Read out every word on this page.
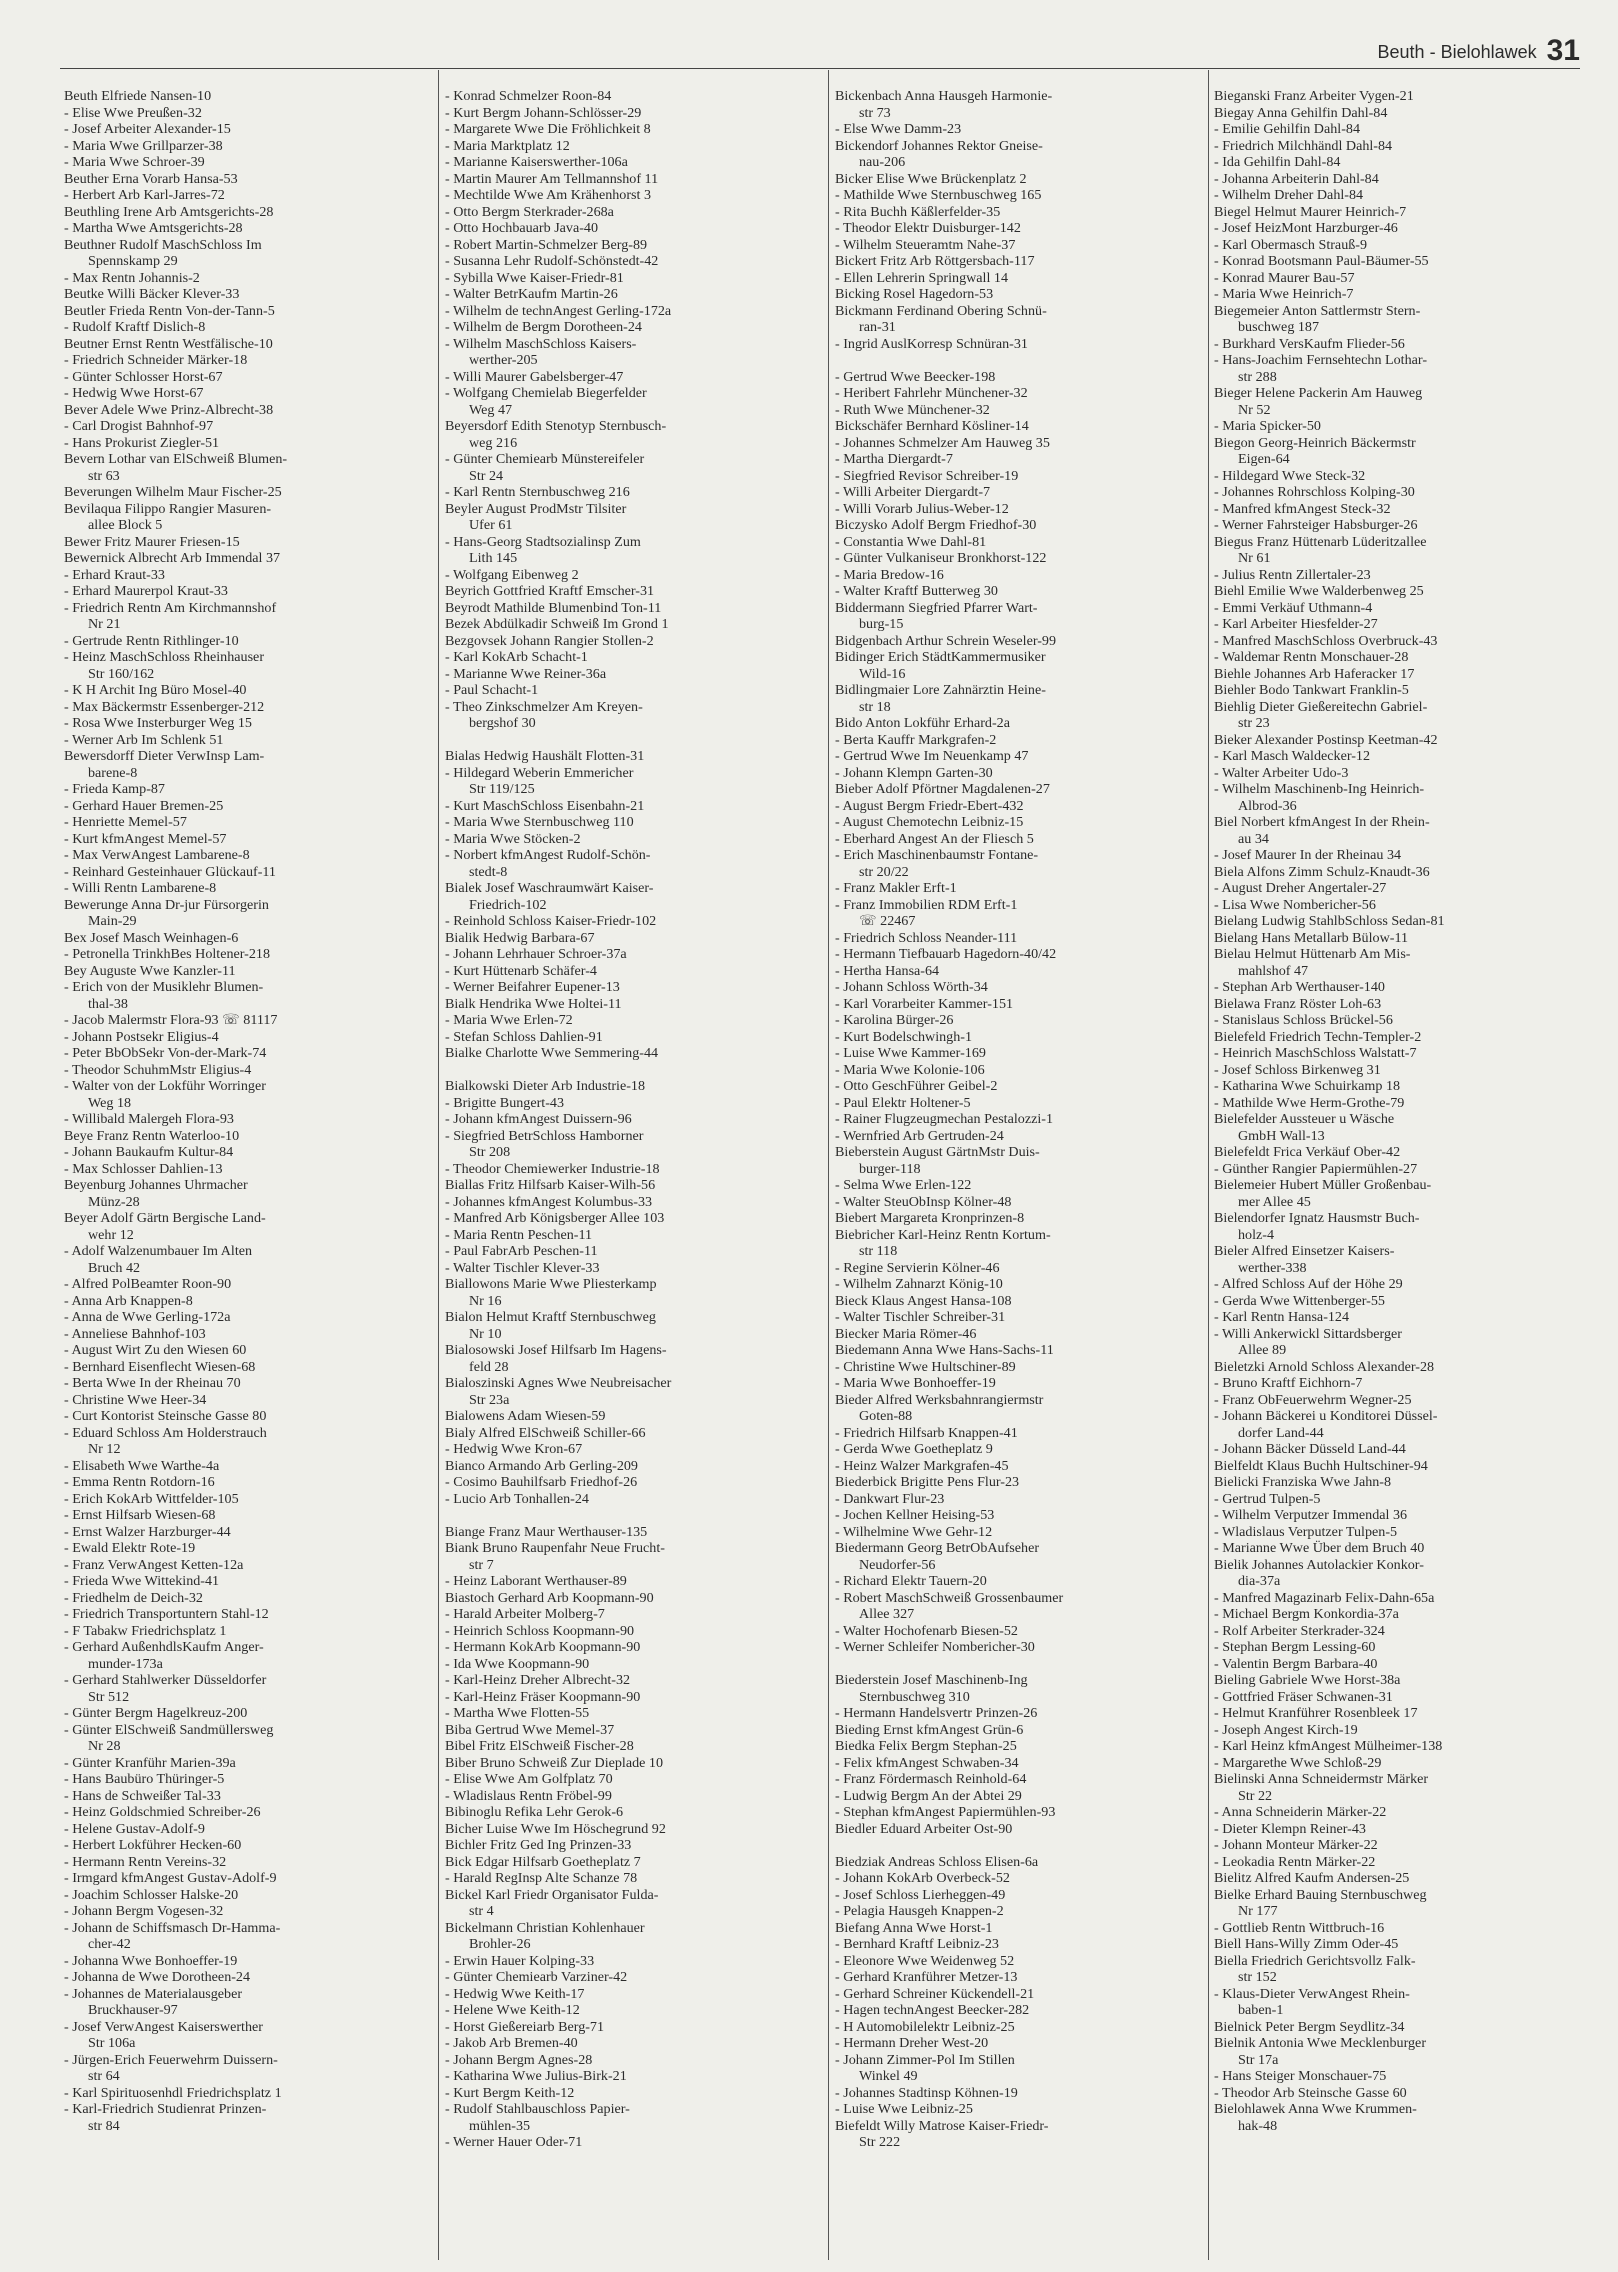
Beuth - Bielohlawek 31
Beuth Elfriede Nansen-10
- Elise Wwe Preußen-32
- Josef Arbeiter Alexander-15
- Maria Wwe Grillparzer-38
- Maria Wwe Schroer-39
Beuther Erna Vorarb Hansa-53
- Herbert Arb Karl-Jarres-72
Beuthling Irene Arb Amtsgerichts-28
- Martha Wwe Amtsgerichts-28
Beuthner Rudolf MaschSchloss Im
Spennskamp 29
- Max Rentn Johannis-2
Beutke Willi Bäcker Klever-33
Beutler Frieda Rentn Von-der-Tann-5
- Rudolf Kraftf Dislich-8
Beutner Ernst Rentn Westfälische-10
- Friedrich Schneider Märker-18
- Günter Schlosser Horst-67
- Hedwig Wwe Horst-67
Bever Adele Wwe Prinz-Albrecht-38
- Carl Drogist Bahnhof-97
- Hans Prokurist Ziegler-51
Bevern Lothar van ElSchweiß Blumen-
str 63
Beverungen Wilhelm Maur Fischer-25
Bevilaqua Filippo Rangier Masuren-
allee Block 5
Bewer Fritz Maurer Friesen-15
Bewernick Albrecht Arb Immendal 37
- Erhard Kraut-33
- Erhard Maurerpol Kraut-33
- Friedrich Rentn Am Kirchmannshof
Nr 21
- Gertrude Rentn Rithlinger-10
- Heinz MaschSchloss Rheinhauser
Str 160/162
- K H Archit Ing Büro Mosel-40
- Max Bäckermstr Essenberger-212
- Rosa Wwe Insterburger Weg 15
- Werner Arb Im Schlenk 51
Bewersdorff Dieter VerwInsp Lam-
barene-8
- Frieda Kamp-87
- Gerhard Hauer Bremen-25
- Henriette Memel-57
- Kurt kfmAngest Memel-57
- Max VerwAngest Lambarene-8
- Reinhard Gesteinhauer Glückauf-11
- Willi Rentn Lambarene-8
Bewerunge Anna Dr-jur Fürsorgerin
Main-29
Bex Josef Masch Weinhagen-6
- Petronella TrinkhBes Holtener-218
Bey Auguste Wwe Kanzler-11
- Erich von der Musiklehr Blumen-
thal-38
- Jacob Malermstr Flora-93 ☏ 81117
- Johann Postsekr Eligius-4
- Peter BbObSekr Von-der-Mark-74
- Theodor SchuhmMstr Eligius-4
- Walter von der Lokführ Worringer
Weg 18
- Willibald Malergeh Flora-93
Beye Franz Rentn Waterloo-10
- Johann Baukaufm Kultur-84
- Max Schlosser Dahlien-13
Beyenburg Johannes Uhrmacher
Münz-28
Beyer Adolf Gärtn Bergische Land-
wehr 12
- Adolf Walzenumbauer Im Alten
Bruch 42
- Alfred PolBeamter Roon-90
- Anna Arb Knappen-8
- Anna de Wwe Gerling-172a
- Anneliese Bahnhof-103
- August Wirt Zu den Wiesen 60
- Bernhard Eisenflecht Wiesen-68
- Berta Wwe In der Rheinau 70
- Christine Wwe Heer-34
- Curt Kontorist Steinsche Gasse 80
- Eduard Schloss Am Holderstrauch
Nr 12
- Elisabeth Wwe Warthe-4a
- Emma Rentn Rotdorn-16
- Erich KokArb Wittfelder-105
- Ernst Hilfsarb Wiesen-68
- Ernst Walzer Harzburger-44
- Ewald Elektr Rote-19
- Franz VerwAngest Ketten-12a
- Frieda Wwe Wittekind-41
- Friedhelm de Deich-32
- Friedrich Transportuntern Stahl-12
- F Tabakw Friedrichsplatz 1
- Gerhard AußenhdlsKaufm Anger-
munder-173a
- Gerhard Stahlwerker Düsseldorfer
Str 512
- Günter Bergm Hagelkreuz-200
- Günter ElSchweiß Sandmüllersweg
Nr 28
- Günter Kranführ Marien-39a
- Hans Baubüro Thüringer-5
- Hans de Schweißer Tal-33
- Heinz Goldschmied Schreiber-26
- Helene Gustav-Adolf-9
- Herbert Lokführer Hecken-60
- Hermann Rentn Vereins-32
- Irmgard kfmAngest Gustav-Adolf-9
- Joachim Schlosser Halske-20
- Johann Bergm Vogesen-32
- Johann de Schiffsmasch Dr-Hamma-
cher-42
- Johanna Wwe Bonhoeffer-19
- Johanna de Wwe Dorotheen-24
- Johannes de Materialausgeber
Bruckhauser-97
- Josef VerwAngest Kaiserswerther
Str 106a
- Jürgen-Erich Feuerwehrm Duissern-
str 64
- Karl Spirituosenhdl Friedrichsplatz 1
- Karl-Friedrich Studienrat Prinzen-
str 84
- Konrad Schmelzer Roon-84
- Kurt Bergm Johann-Schlösser-29
- Margarete Wwe Die Fröhlichkeit 8
- Maria Marktplatz 12
- Marianne Kaiserswerther-106a
- Martin Maurer Am Tellmannshof 11
- Mechtilde Wwe Am Krähenhorst 3
- Otto Bergm Sterkrader-268a
- Otto Hochbauarb Java-40
- Robert Martin-Schmelzer Berg-89
- Susanna Lehr Rudolf-Schönstedt-42
- Sybilla Wwe Kaiser-Friedr-81
- Walter BetrKaufm Martin-26
- Wilhelm de technAngest Gerling-172a
- Wilhelm de Bergm Dorotheen-24
- Wilhelm MaschSchloss Kaisers-
werther-205
- Willi Maurer Gabelsberger-47
- Wolfgang Chemielab Biegerfelder
Weg 47
Beyersdorf Edith Stenotyp Sternbusch-
weg 216
- Günter Chemiearb Münstereifeler
Str 24
- Karl Rentn Sternbuschweg 216
Beyler August ProdMstr Tilsiter
Ufer 61
- Hans-Georg Stadtsozialinsp Zum
Lith 145
- Wolfgang Eibenweg 2
Beyrich Gottfried Kraftf Emscher-31
Beyrodt Mathilde Blumenbind Ton-11
Bezek Abdülkadir Schweiß Im Grond 1
Bezgovsek Johann Rangier Stollen-2
- Karl KokArb Schacht-1
- Marianne Wwe Reiner-36a
- Paul Schacht-1
- Theo Zinkschmelzer Am Kreyen-
bergshof 30

Bialas Hedwig Haushält Flotten-31
- Hildegard Weberin Emmericher
Str 119/125
- Kurt MaschSchloss Eisenbahn-21
- Maria Wwe Sternbuschweg 110
- Maria Wwe Stöcken-2
- Norbert kfmAngest Rudolf-Schön-
stedt-8
Bialek Josef Waschraumwärt Kaiser-
Friedrich-102
- Reinhold Schloss Kaiser-Friedr-102
Bialik Hedwig Barbara-67
- Johann Lehrhauer Schroer-37a
- Kurt Hüttenarb Schäfer-4
- Werner Beifahrer Eupener-13
Bialk Hendrika Wwe Holtei-11
- Maria Wwe Erlen-72
- Stefan Schloss Dahlien-91
Bialke Charlotte Wwe Semmering-44

Bialkowski Dieter Arb Industrie-18
- Brigitte Bungert-43
- Johann kfmAngest Duissern-96
- Siegfried BetrSchloss Hamborner
Str 208
- Theodor Chemiewerker Industrie-18
Biallas Fritz Hilfsarb Kaiser-Wilh-56
- Johannes kfmAngest Kolumbus-33
- Manfred Arb Königsberger Allee 103
- Maria Rentn Peschen-11
- Paul FabrArb Peschen-11
- Walter Tischler Klever-33
Biallowons Marie Wwe Pliesterkamp
Nr 16
Bialon Helmut Kraftf Sternbuschweg
Nr 10
Bialosowski Josef Hilfsarb Im Hagens-
feld 28
Bialoszinski Agnes Wwe Neubreisacher
Str 23a
Bialowens Adam Wiesen-59
Bialy Alfred ElSchweiß Schiller-66
- Hedwig Wwe Kron-67
Bianco Armando Arb Gerling-209
- Cosimo Bauhilfsarb Friedhof-26
- Lucio Arb Tonhallen-24

Biange Franz Maur Werthauser-135
Biank Bruno Raupenfahr Neue Frucht-
str 7
- Heinz Laborant Werthauser-89
Biastoch Gerhard Arb Koopmann-90
- Harald Arbeiter Molberg-7
- Heinrich Schloss Koopmann-90
- Hermann KokArb Koopmann-90
- Ida Wwe Koopmann-90
- Karl-Heinz Dreher Albrecht-32
- Karl-Heinz Fräser Koopmann-90
- Martha Wwe Flotten-55
Biba Gertrud Wwe Memel-37
Bibel Fritz ElSchweiß Fischer-28
Biber Bruno Schweiß Zur Dieplade 10
- Elise Wwe Am Golfplatz 70
- Wladislaus Rentn Fröbel-99
Bibinoglu Refika Lehr Gerok-6
Bicher Luise Wwe Im Höschegrund 92
Bichler Fritz Ged Ing Prinzen-33
Bick Edgar Hilfsarb Goetheplatz 7
- Harald RegInsp Alte Schanze 78
Bickel Karl Friedr Organisator Fulda-
str 4
Bickelmann Christian Kohlenhauer
Brohler-26
- Erwin Hauer Kolping-33
- Günter Chemiearb Varziner-42
- Hedwig Wwe Keith-17
- Helene Wwe Keith-12
- Horst Gießereiarb Berg-71
- Jakob Arb Bremen-40
- Johann Bergm Agnes-28
- Katharina Wwe Julius-Birk-21
- Kurt Bergm Keith-12
- Rudolf Stahlbauschloss Papier-
mühlen-35
- Werner Hauer Oder-71
Bickenbach Anna Hausgeh Harmonie-
str 73
- Else Wwe Damm-23
Bickendorf Johannes Rektor Gneise-
nau-206
Bicker Elise Wwe Brückenplatz 2
- Mathilde Wwe Sternbuschweg 165
- Rita Buchh Käßlerfelder-35
- Theodor Elektr Duisburger-142
- Wilhelm Steueramtm Nahe-37
Bickert Fritz Arb Röttgersbach-117
- Ellen Lehrerin Springwall 14
Bicking Rosel Hagedorn-53
Bickmann Ferdinand Obering Schnü-
ran-31
- Ingrid AuslKorresp Schnüran-31

- Gertrud Wwe Beecker-198
- Heribert Fahrlehr Münchener-32
- Ruth Wwe Münchener-32
Bickschäfer Bernhard Kösliner-14
- Johannes Schmelzer Am Hauweg 35
- Martha Diergardt-7
- Siegfried Revisor Schreiber-19
- Willi Arbeiter Diergardt-7
- Willi Vorarb Julius-Weber-12
Biczyskо Adolf Bergm Friedhof-30
- Constantia Wwe Dahl-81
- Günter Vulkaniseur Bronkhorst-122
- Maria Bredow-16
- Walter Kraftf Butterweg 30
Biddermann Siegfried Pfarrer Wart-
burg-15
Bidgenbach Arthur Schrein Weseler-99
Bidinger Erich StädtKammermusiker
Wild-16
Bidlingmaier Lore Zahnärztin Heine-
str 18
Bido Anton Lokführ Erhard-2a
- Berta Kauffr Markgrafen-2
- Gertrud Wwe Im Neuenkamp 47
- Johann Klempn Garten-30
Bieber Adolf Pförtner Magdalenen-27
- August Bergm Friedr-Ebert-432
- August Chemotechn Leibniz-15
- Eberhard Angest An der Fliesch 5
- Erich Maschinenbaumstr Fontane-
str 20/22
- Franz Makler Erft-1
- Franz Immobilien RDM Erft-1
☏ 22467
- Friedrich Schloss Neander-111
- Hermann Tiefbauarb Hagedorn-40/42
- Hertha Hansa-64
- Johann Schloss Wörth-34
- Karl Vorarbeiter Kammer-151
- Karolina Bürger-26
- Kurt Bodelschwingh-1
- Luise Wwe Kammer-169
- Maria Wwe Kolonie-106
- Otto GeschFührer Geibel-2
- Paul Elektr Holtener-5
- Rainer Flugzeugmechan Pestalozzi-1
- Wernfried Arb Gertruden-24
Bieberstein August GärtnMstr Duis-
burger-118
- Selma Wwe Erlen-122
- Walter SteuObInsp Kölner-48
Biebert Margareta Kronprinzen-8
Biebricher Karl-Heinz Rentn Kortum-
str 118
- Regine Servierin Kölner-46
- Wilhelm Zahnarzt König-10
Bieck Klaus Angest Hansa-108
- Walter Tischler Schreiber-31
Biecker Maria Römer-46
Biedemann Anna Wwe Hans-Sachs-11
- Christine Wwe Hultschiner-89
- Maria Wwe Bonhoeffer-19
Bieder Alfred Werksbahnrangiermstr
Goten-88
- Friedrich Hilfsarb Knappen-41
- Gerda Wwe Goetheplatz 9
- Heinz Walzer Markgrafen-45
Biederbick Brigitte Pens Flur-23
- Dankwart Flur-23
- Jochen Kellner Heising-53
- Wilhelmine Wwe Gehr-12
Biedermann Georg BetrObAufseher
Neudorfer-56
- Richard Elektr Tauern-20
- Robert MaschSchweiß Grossenbaumer
Allee 327
- Walter Hochofenarb Biesen-52
- Werner Schleifer Nombericher-30

Biederstein Josef Maschinenb-Ing
Sternbuschweg 310
- Hermann Handelsvertr Prinzen-26
Bieding Ernst kfmAngest Grün-6
Biedka Felix Bergm Stephan-25
- Felix kfmAngest Schwaben-34
- Franz Fördermasch Reinhold-64
- Ludwig Bergm An der Abtei 29
- Stephan kfmAngest Papiermühlen-93
Biedler Eduard Arbeiter Ost-90

Biedziak Andreas Schloss Elisen-6a
- Johann KokArb Overbeck-52
- Josef Schloss Lierheggen-49
- Pelagia Hausgeh Knappen-2
Biefang Anna Wwe Horst-1
- Bernhard Kraftf Leibniz-23
- Eleonore Wwe Weidenweg 52
- Gerhard Kranführer Metzer-13
- Gerhard Schreiner Kückendell-21
- Hagen technAngest Beecker-282
- H Automobilelektr Leibniz-25
- Hermann Dreher West-20
- Johann Zimmer-Pol Im Stillen
Winkel 49
- Johannes Stadtinsp Köhnen-19
- Luise Wwe Leibniz-25
Biefeldt Willy Matrose Kaiser-Friedr-
Str 222
Bieganski Franz Arbeiter Vygen-21
Biegay Anna Gehilfin Dahl-84
- Emilie Gehilfin Dahl-84
- Friedrich Milchhändl Dahl-84
- Ida Gehilfin Dahl-84
- Johanna Arbeiterin Dahl-84
- Wilhelm Dreher Dahl-84
Biegel Helmut Maurer Heinrich-7
- Josef HeizMont Harzburger-46
- Karl Obermasch Strauß-9
- Konrad Bootsmann Paul-Bäumer-55
- Konrad Maurer Bau-57
- Maria Wwe Heinrich-7
Biegemeier Anton Sattlermstr Stern-
buschweg 187
- Burkhard VersKaufm Flieder-56
- Hans-Joachim Fernsehtechn Lothar-
str 288
Bieger Helene Packerin Am Hauweg
Nr 52
- Maria Spicker-50
Biegon Georg-Heinrich Bäckermstr
Eigen-64
- Hildegard Wwe Steck-32
- Johannes Rohrschloss Kolping-30
- Manfred kfmAngest Steck-32
- Werner Fahrsteiger Habsburger-26
Biegus Franz Hüttenarb Lüderitzallee
Nr 61
- Julius Rentn Zillertaler-23
Biehl Emilie Wwe Walderbenweg 25
- Emmi Verkäuf Uthmann-4
- Karl Arbeiter Hiesfelder-27
- Manfred MaschSchloss Overbruck-43
- Waldemar Rentn Monschauer-28
Biehle Johannes Arb Haferacker 17
Biehler Bodo Tankwart Franklin-5
Biehlig Dieter Gießereitechn Gabriel-
str 23
Bieker Alexander Postinsp Keetman-42
- Karl Masch Waldecker-12
- Walter Arbeiter Udo-3
- Wilhelm Maschinenb-Ing Heinrich-
Albrod-36
Biel Norbert kfmAngest In der Rhein-
au 34
- Josef Maurer In der Rheinau 34
Biela Alfons Zimm Schulz-Knaudt-36
- August Dreher Angertaler-27
- Lisa Wwe Nombericher-56
Bielang Ludwig StahlbSchloss Sedan-81
Bielang Hans Metallarb Bülow-11
Bielau Helmut Hüttenarb Am Mis-
mahlshof 47
- Stephan Arb Werthauser-140
Bielawa Franz Röster Loh-63
- Stanislaus Schloss Brückel-56
Bielefeld Friedrich Techn-Templer-2
- Heinrich MaschSchloss Walstatt-7
- Josef Schloss Birkenweg 31
- Katharina Wwe Schuirkamp 18
- Mathilde Wwe Herm-Grothe-79
Bielefelder Aussteuer u Wäsche
GmbH Wall-13
Bielefeldt Frica Verkäuf Ober-42
- Günther Rangier Papiermühlen-27
Bielemeier Hubert Müller Großenbau-
mer Allee 45
Bielendorfer Ignatz Hausmstr Buch-
holz-4
Bieler Alfred Einsetzer Kaisers-
werther-338
- Alfred Schloss Auf der Höhe 29
- Gerda Wwe Wittenberger-55
- Karl Rentn Hansa-124
- Willi Ankerwickl Sittardsberger
Allee 89
Bieletzki Arnold Schloss Alexander-28
- Bruno Kraftf Eichhorn-7
- Franz ObFeuerwehrm Wegner-25
- Johann Bäckerei u Konditorei Düssel-
dorfer Land-44
- Johann Bäcker Düsseld Land-44
Bielfeldt Klaus Buchh Hultschiner-94
Bielicki Franziska Wwe Jahn-8
- Gertrud Tulpen-5
- Wilhelm Verputzer Immendal 36
- Wladislaus Verputzer Tulpen-5
- Marianne Wwe Über dem Bruch 40
Bielik Johannes Autolackier Konkor-
dia-37a
- Manfred Magazinarb Felix-Dahn-65a
- Michael Bergm Konkordia-37a
- Rolf Arbeiter Sterkrader-324
- Stephan Bergm Lessing-60
- Valentin Bergm Barbara-40
Bieling Gabriele Wwe Horst-38a
- Gottfried Fräser Schwanen-31
- Helmut Kranführer Rosenbleek 17
- Joseph Angest Kirch-19
- Karl Heinz kfmAngest Mülheimer-138
- Margarethe Wwe Schloß-29
Bielinski Anna Schneidermstr Märker
Str 22
- Anna Schneiderin Märker-22
- Dieter Klempn Reiner-43
- Johann Monteur Märker-22
- Leokadia Rentn Märker-22
Bielitz Alfred Kaufm Andersen-25
Bielke Erhard Bauing Sternbuschweg
Nr 177
- Gottlieb Rentn Wittbruch-16
Biell Hans-Willy Zimm Oder-45
Biella Friedrich Gerichtsvollz Falk-
str 152
- Klaus-Dieter VerwAngest Rhein-
baben-1
Bielnick Peter Bergm Seydlitz-34
Bielnik Antonia Wwe Mecklenburger
Str 17a
- Hans Steiger Monschauer-75
- Theodor Arb Steinsche Gasse 60
Bielohlawek Anna Wwe Krummen-
hak-48
